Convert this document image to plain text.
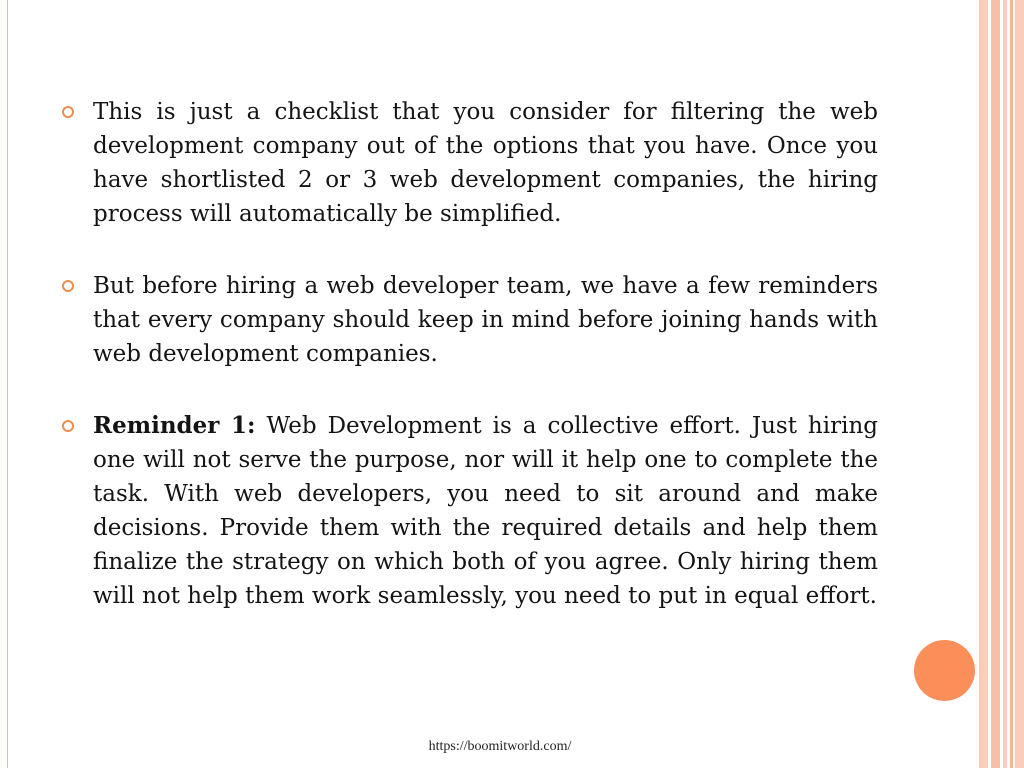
This is just a checklist that you consider for filtering the web development company out of the options that you have. Once you have shortlisted 2 or 3 web development companies, the hiring process will automatically be simplified.
But before hiring a web developer team, we have a few reminders that every company should keep in mind before joining hands with web development companies.
Reminder 1: Web Development is a collective effort. Just hiring one will not serve the purpose, nor will it help one to complete the task. With web developers, you need to sit around and make decisions. Provide them with the required details and help them finalize the strategy on which both of you agree. Only hiring them will not help them work seamlessly, you need to put in equal effort.
https://boomitworld.com/
